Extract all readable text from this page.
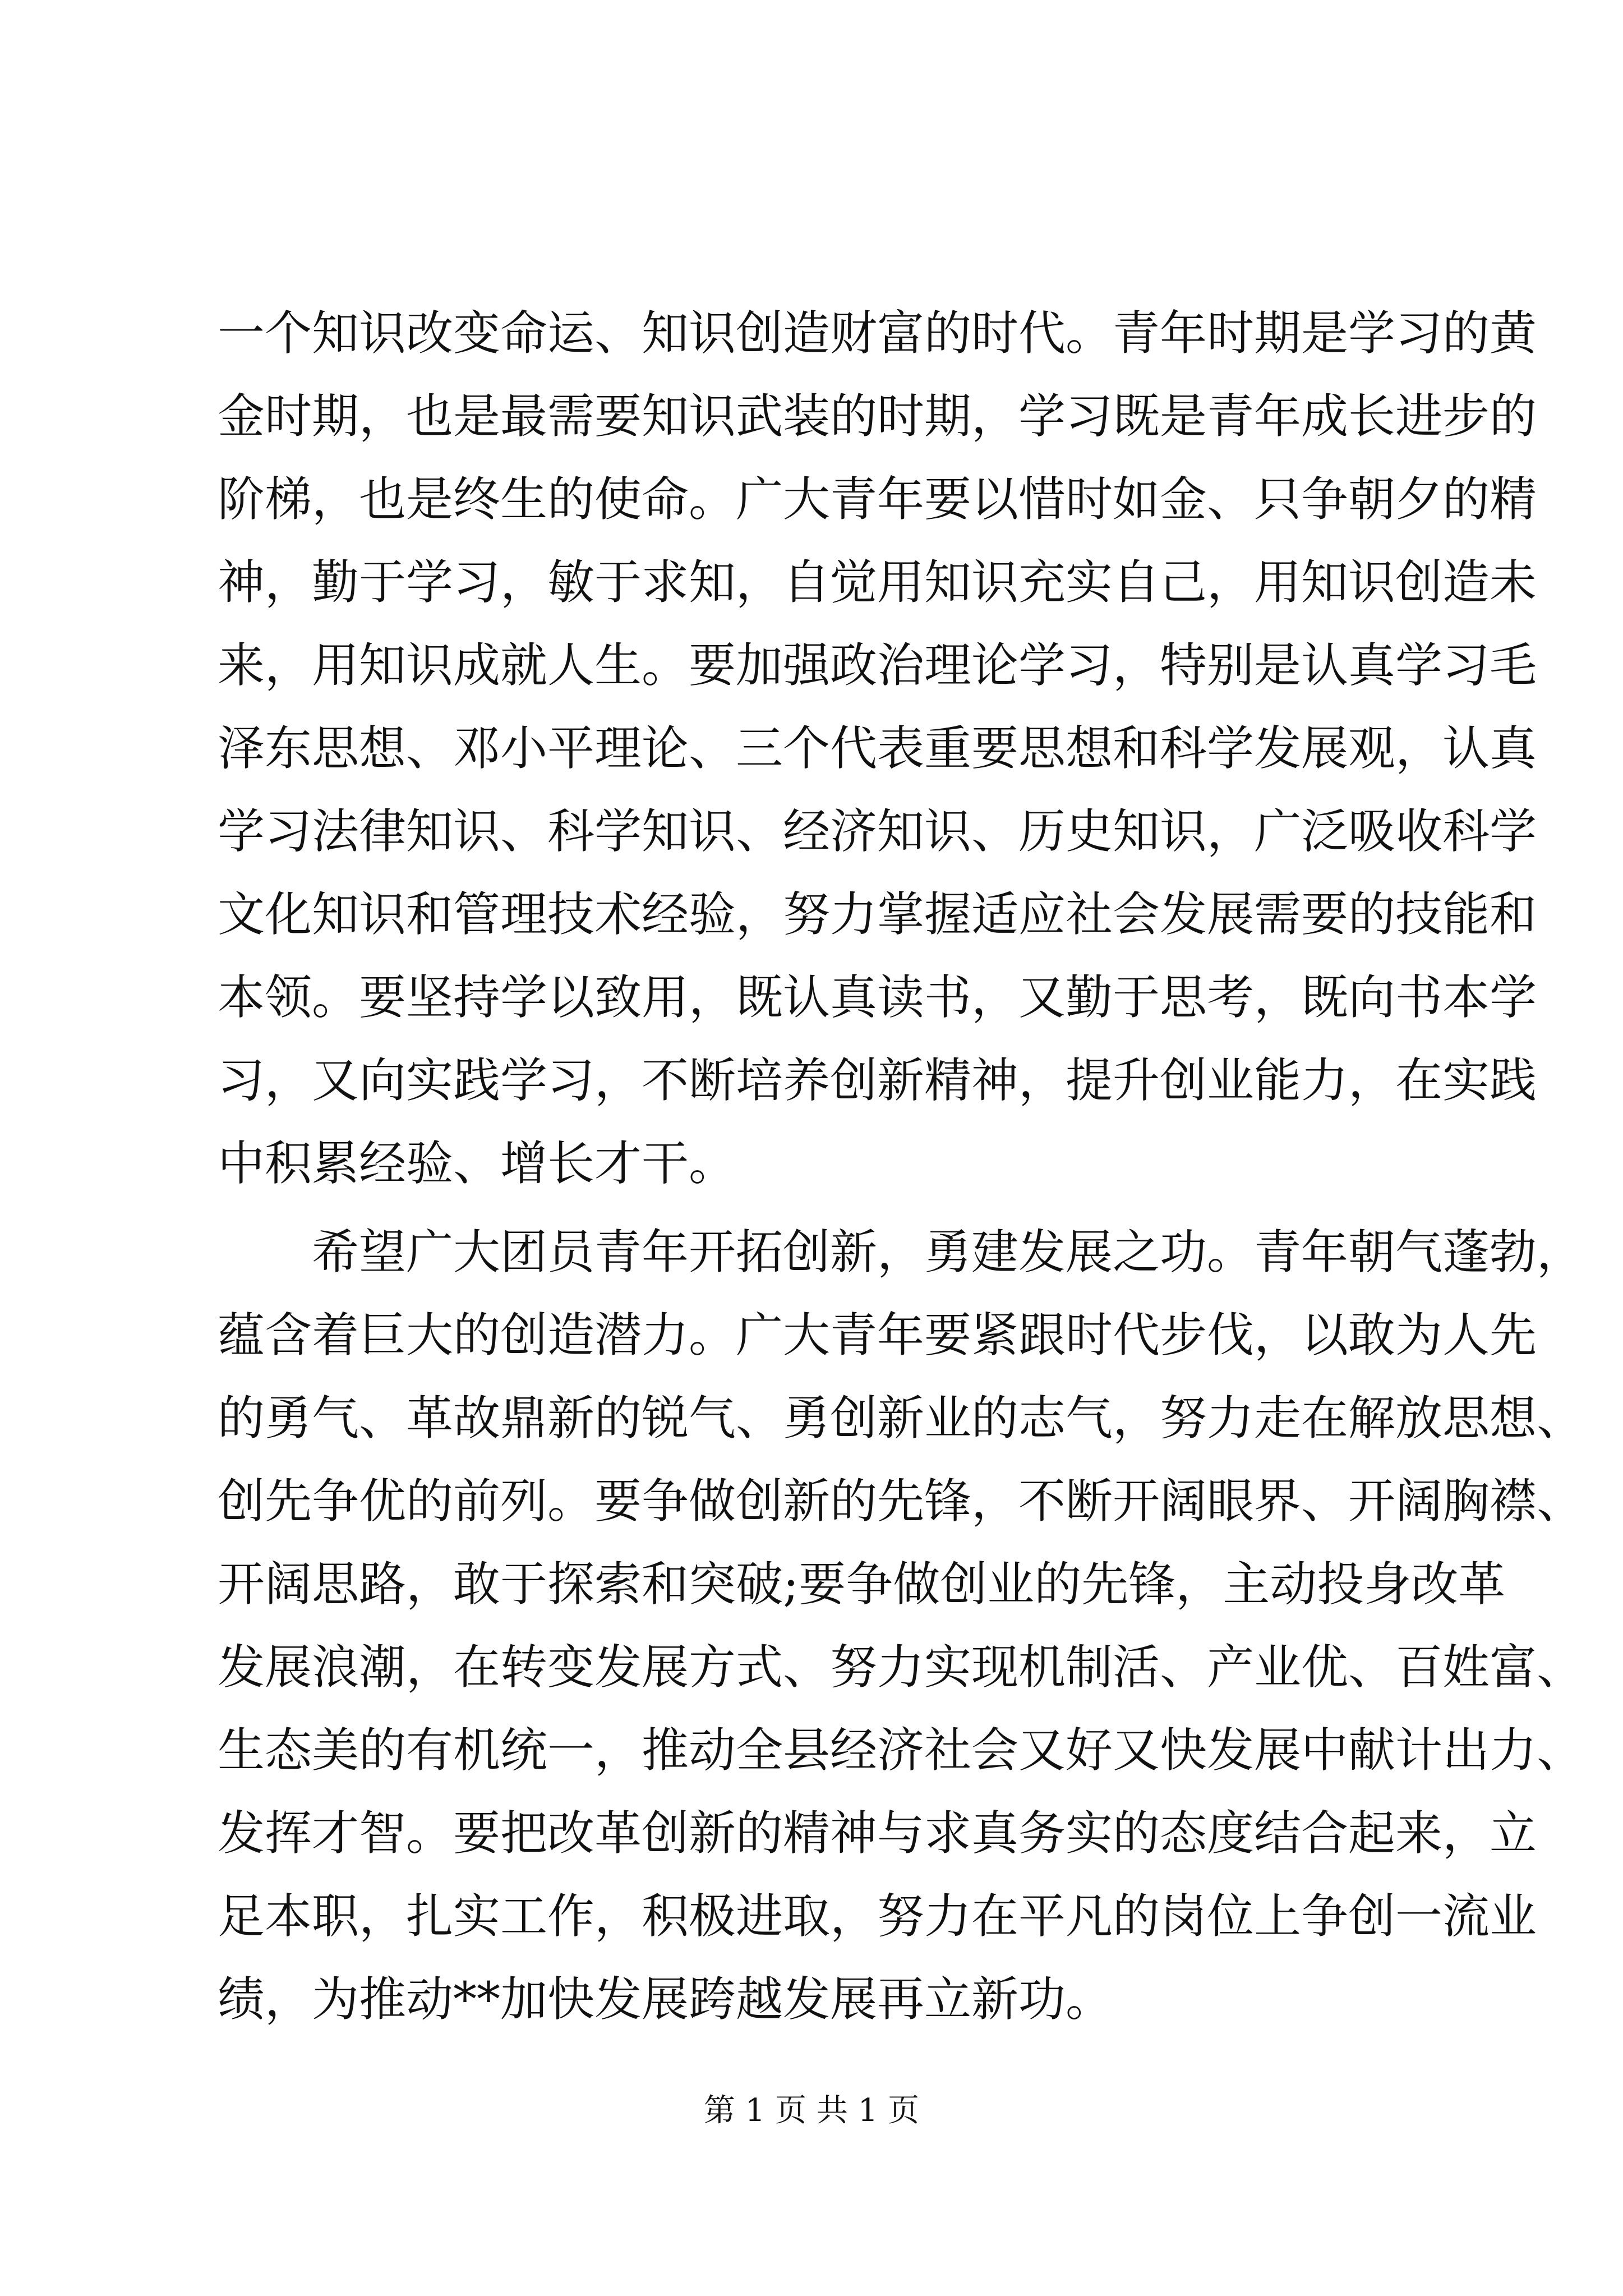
一个知识改变命运、知识创造财富的时代。青年时期是学习的黄
金时期，也是最需要知识武装的时期，学习既是青年成长进步的
阶梯，也是终生的使命。广大青年要以惜时如金、只争朝夕的精
神，勤于学习，敏于求知，自觉用知识充实自己，用知识创造未
来，用知识成就人生。要加强政治理论学习，特别是认真学习毛
泽东思想、邓小平理论、三个代表重要思想和科学发展观，认真
学习法律知识、科学知识、经济知识、历史知识，广泛吸收科学
文化知识和管理技术经验，努力掌握适应社会发展需要的技能和
本领。要坚持学以致用，既认真读书，又勤于思考，既向书本学
习，又向实践学习，不断培养创新精神，提升创业能力，在实践
中积累经验、增长才干。
希望广大团员青年开拓创新，勇建发展之功。青年朝气蓬勃，
蕴含着巨大的创造潜力。广大青年要紧跟时代步伐，以敢为人先
的勇气、革故鼎新的锐气、勇创新业的志气，努力走在解放思想、
创先争优的前列。要争做创新的先锋，不断开阔眼界、开阔胸襟、
开阔思路，敢于探索和突破;要争做创业的先锋，主动投身改革
发展浪潮，在转变发展方式、努力实现机制活、产业优、百姓富、
生态美的有机统一，推动全县经济社会又好又快发展中献计出力、
发挥才智。要把改革创新的精神与求真务实的态度结合起来，立
足本职，扎实工作，积极进取，努力在平凡的岗位上争创一流业
绩，为推动**加快发展跨越发展再立新功。
第 1 页 共 1 页
